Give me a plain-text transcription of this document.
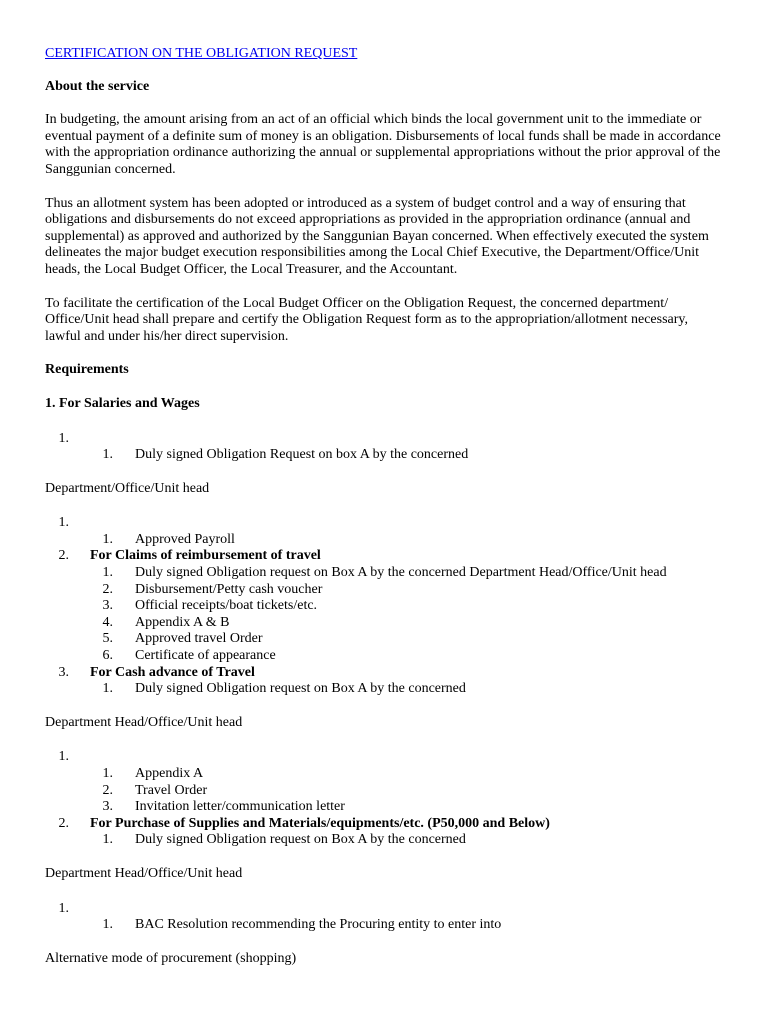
CERTIFICATION ON THE OBLIGATION REQUEST

About the service

In budgeting, the amount arising from an act of an official which binds the local government unit to the immediate or eventual payment of a definite sum of money is an obligation. Disbursements of local funds shall be made in accordance with the appropriation ordinance authorizing the annual or supplemental appropriations without the prior approval of the Sanggunian concerned.

Thus an allotment system has been adopted or introduced as a system of budget control and a way of ensuring that obligations and disbursements do not exceed appropriations as provided in the appropriation ordinance (annual and supplemental) as approved and authorized by the Sanggunian Bayan concerned. When effectively executed the system delineates the major budget execution responsibilities among the Local Chief Executive, the Department/Office/Unit heads, the Local Budget Officer, the Local Treasurer, and the Accountant.

To facilitate the certification of the Local Budget Officer on the Obligation Request, the concerned department/ Office/Unit head shall prepare and certify the Obligation Request form as to the appropriation/allotment necessary, lawful and under his/her direct supervision.

Requirements

1. For Salaries and Wages

1.
1. Duly signed Obligation Request on box A by the concerned

Department/Office/Unit head

1.
1. Approved Payroll
2. For Claims of reimbursement of travel
1. Duly signed Obligation request on Box A by the concerned Department Head/Office/Unit head
2. Disbursement/Petty cash voucher
3. Official receipts/boat tickets/etc.
4. Appendix A & B
5. Approved travel Order
6. Certificate of appearance
3. For Cash advance of Travel
1. Duly signed Obligation request on Box A by the concerned

Department Head/Office/Unit head

1.
1. Appendix A
2. Travel Order
3. Invitation letter/communication letter
2. For Purchase of Supplies and Materials/equipments/etc. (P50,000 and Below)
1. Duly signed Obligation request on Box A by the concerned

Department Head/Office/Unit head

1.
1. BAC Resolution recommending the Procuring entity to enter into

Alternative mode of procurement (shopping)
